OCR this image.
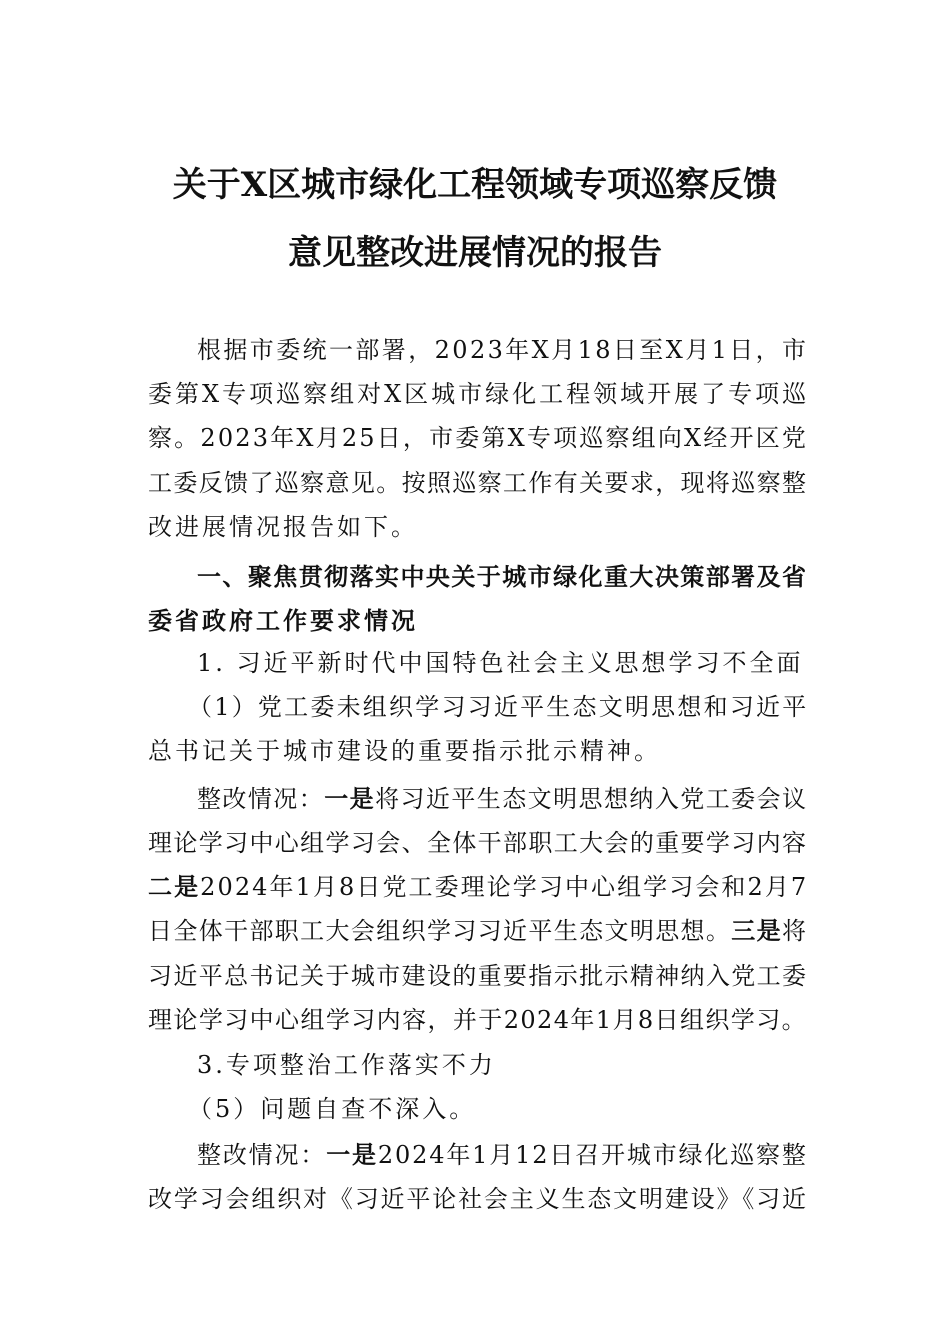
关于X区城市绿化工程领域专项巡察反馈
意见整改进展情况的报告
根据市委统一部署，2023年X月18日至X月1日，市
委第X专项巡察组对X区城市绿化工程领域开展了专项巡
察。2023年X月25日，市委第X专项巡察组向X经开区党
工委反馈了巡察意见。按照巡察工作有关要求，现将巡察整
改进展情况报告如下。
一、聚焦贯彻落实中央关于城市绿化重大决策部署及省
委省政府工作要求情况
1. 习近平新时代中国特色社会主义思想学习不全面
（1）党工委未组织学习习近平生态文明思想和习近平
总书记关于城市建设的重要指示批示精神。
整改情况：一是将习近平生态文明思想纳入党工委会议
理论学习中心组学习会、全体干部职工大会的重要学习内容
二是2024年1月8日党工委理论学习中心组学习会和2月7
日全体干部职工大会组织学习习近平生态文明思想。三是将
习近平总书记关于城市建设的重要指示批示精神纳入党工委
理论学习中心组学习内容，并于2024年1月8日组织学习。
3.专项整治工作落实不力
（5）问题自查不深入。
整改情况：一是2024年1月12日召开城市绿化巡察整
改学习会组织对《习近平论社会主义生态文明建设》《习近
